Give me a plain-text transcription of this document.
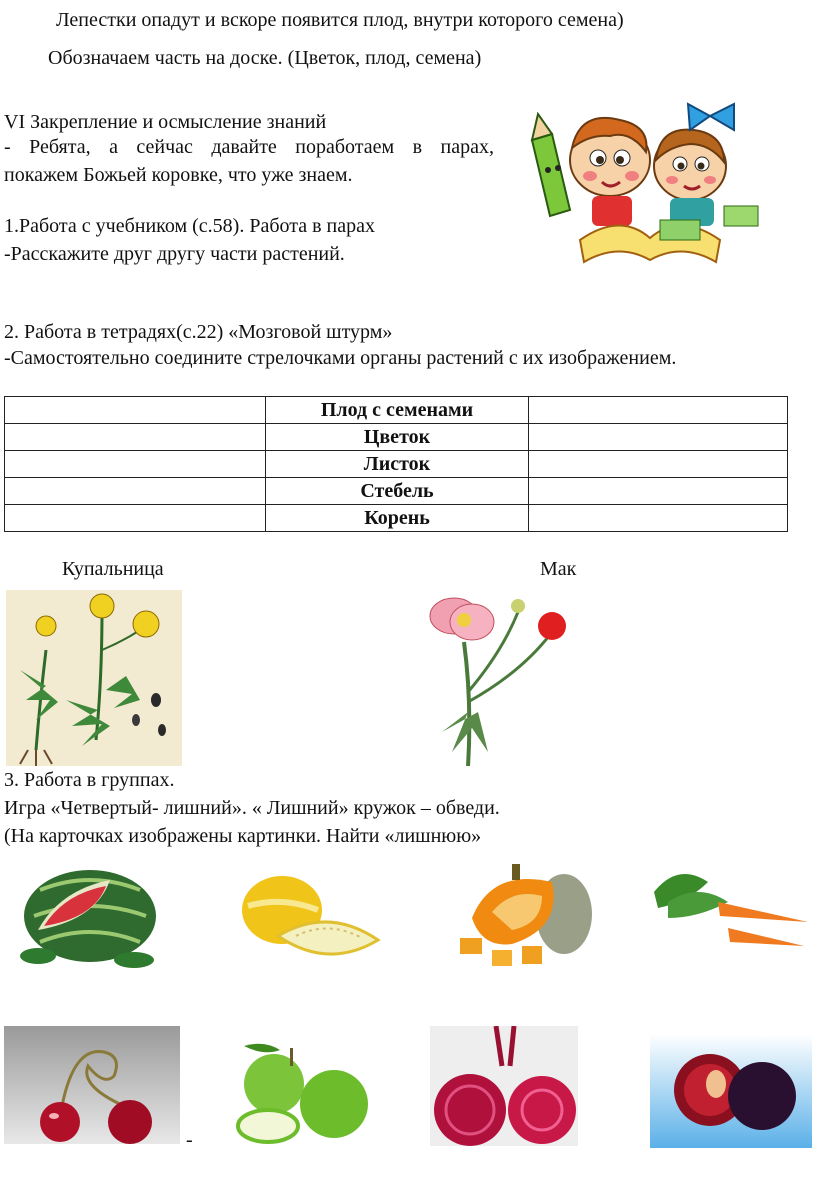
Лепестки опадут и вскоре появится плод, внутри которого семена)
Обозначаем часть на доске. (Цветок, плод, семена)
VI Закрепление и осмысление знаний
- Ребята, а сейчас давайте поработаем в парах,
покажем Божьей коровке, что уже знаем.
1.Работа с учебником (с.58). Работа в парах
-Расскажите друг другу части растений.
2. Работа в тетрадях(с.22) «Мозговой штурм»
-Самостоятельно соедините стрелочками органы растений с их изображением.
	Плод с семенами	
	Цветок	
	Листок	
	Стебель	
	Корень	
Купальница	Мак
3. Работа в группах.
Игра «Четвертый- лишний». « Лишний» кружок – обведи.
(На карточках изображены картинки. Найти «лишнюю»
-
